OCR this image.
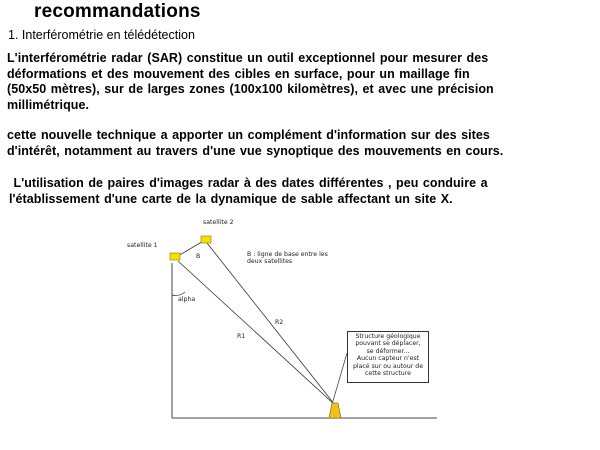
recommandations
1. Interférométrie en télédétection
L'interférométrie radar (SAR) constitue un outil exceptionnel pour mesurer des
déformations et des mouvement des cibles en surface, pour un maillage fin
(50x50 mètres), sur de larges zones (100x100 kilomètres), et avec une précision
millimétrique.
cette nouvelle technique a apporter un complément d'information sur des sites
d'intérêt, notamment au travers d'une vue synoptique des mouvements en cours.
L'utilisation de paires d'images radar à des dates différentes , peu conduire a
l'établissement d'une carte de la dynamique de sable affectant un site X.
satellite 1
satellite 2
B	B : ligne de base entre les
deux satellites
alpha
R1
R2
Structure géologique
pouvant se déplacer,
se déformer...
Aucun capteur n'est
placé sur ou autour de
cette structure
